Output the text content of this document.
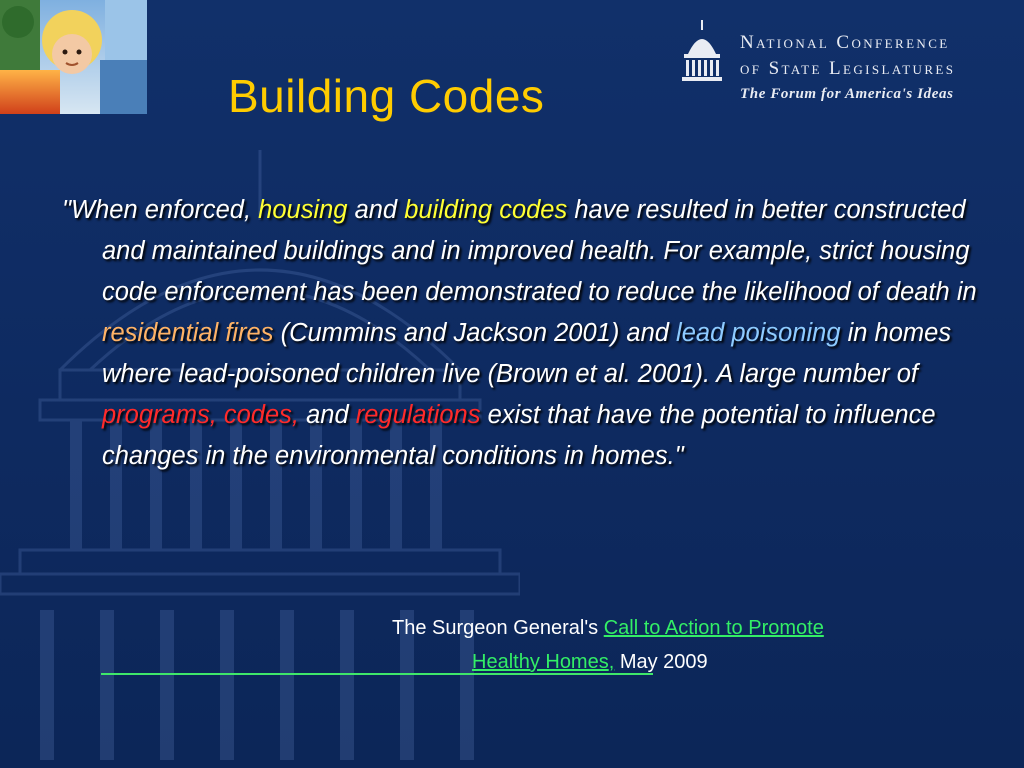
Building Codes
National Conference
of State Legislatures
The Forum for America's Ideas

"When enforced, housing and building codes have resulted in better constructed and maintained buildings and in improved health. For example, strict housing code enforcement has been demonstrated to reduce the likelihood of death in residential fires (Cummins and Jackson 2001) and lead poisoning in homes where lead-poisoned children live (Brown et al. 2001). A large number of programs, codes, and regulations exist that have the potential to influence changes in the environmental conditions in homes."

The Surgeon General's Call to Action to Promote
Healthy Homes, May 2009
